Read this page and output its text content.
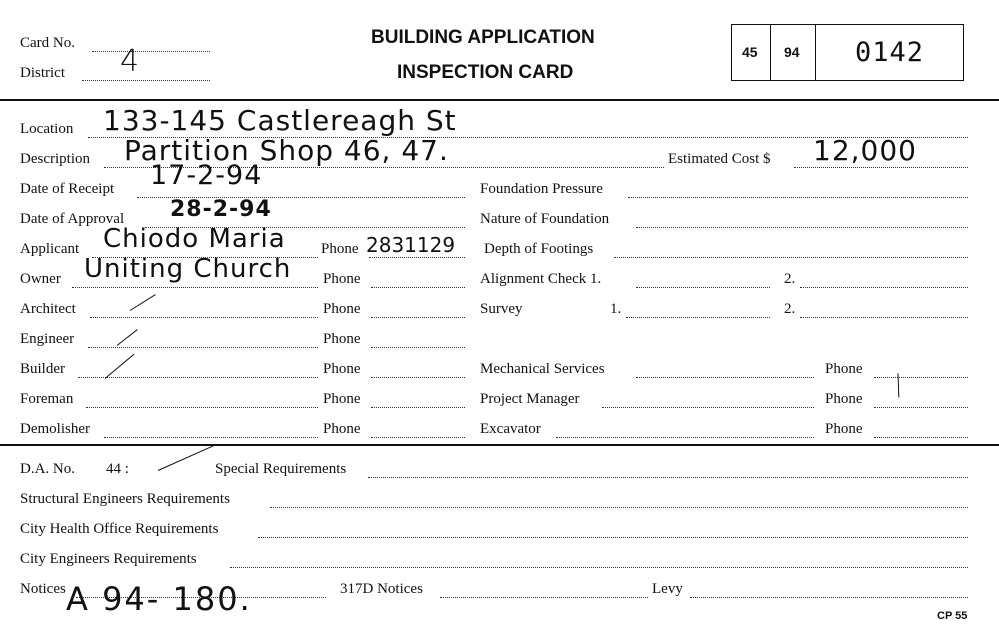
Card No.
District 4
BUILDING APPLICATION
INSPECTION CARD
45 94 0142
Location 133-145 Castlereagh St
Description Partition Shop 46, 47.	Estimated Cost $ 12,000
Date of Receipt 17-2-94	Foundation Pressure
Date of Approval 28-2-94	Nature of Foundation
Applicant Chiodo Maria Phone 2831129 Depth of Footings
Owner Uniting Church Phone	Alignment Check 1.	2.
Architect	Phone	Survey	1.	2.
Engineer	Phone
Builder	Phone	Mechanical Services	Phone
Foreman	Phone	Project Manager	Phone
Demolisher	Phone	Excavator	Phone
D.A. No. 44 :	Special Requirements
Structural Engineers Requirements
City Health Office Requirements
City Engineers Requirements
Notices A 94- 180.	317D Notices	Levy
CP 55
